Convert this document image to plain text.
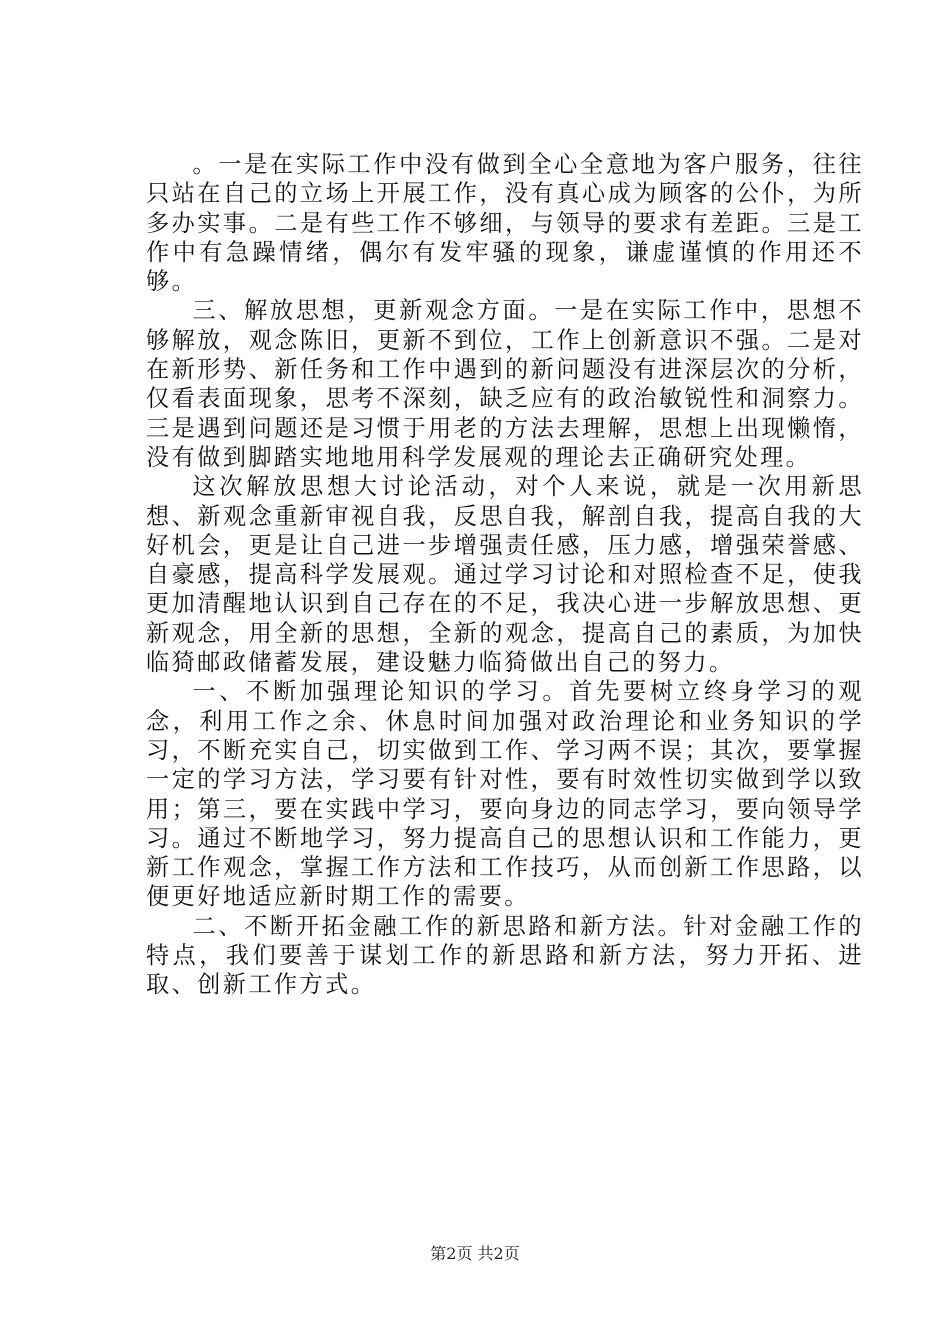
。一是在实际工作中没有做到全心全意地为客户服务，往往只站在自己的立场上开展工作，没有真心成为顾客的公仆，为所多办实事。二是有些工作不够细，与领导的要求有差距。三是工作中有急躁情绪，偶尔有发牢骚的现象，谦虚谨慎的作用还不够。

三、解放思想，更新观念方面。一是在实际工作中，思想不够解放，观念陈旧，更新不到位，工作上创新意识不强。二是对在新形势、新任务和工作中遇到的新问题没有进深层次的分析，仅看表面现象，思考不深刻，缺乏应有的政治敏锐性和洞察力。三是遇到问题还是习惯于用老的方法去理解，思想上出现懒惰，没有做到脚踏实地地用科学发展观的理论去正确研究处理。

这次解放思想大讨论活动，对个人来说，就是一次用新思想、新观念重新审视自我，反思自我，解剖自我，提高自我的大好机会，更是让自己进一步增强责任感，压力感，增强荣誉感、自豪感，提高科学发展观。通过学习讨论和对照检查不足，使我更加清醒地认识到自己存在的不足，我决心进一步解放思想、更新观念，用全新的思想，全新的观念，提高自己的素质，为加快临猗邮政储蓄发展，建设魅力临猗做出自己的努力。

一、不断加强理论知识的学习。首先要树立终身学习的观念，利用工作之余、休息时间加强对政治理论和业务知识的学习，不断充实自己，切实做到工作、学习两不误；其次，要掌握一定的学习方法，学习要有针对性，要有时效性切实做到学以致用；第三，要在实践中学习，要向身边的同志学习，要向领导学习。通过不断地学习，努力提高自己的思想认识和工作能力，更新工作观念，掌握工作方法和工作技巧，从而创新工作思路，以便更好地适应新时期工作的需要。

二、不断开拓金融工作的新思路和新方法。针对金融工作的特点，我们要善于谋划工作的新思路和新方法，努力开拓、进取、创新工作方式。

第2页 共2页
